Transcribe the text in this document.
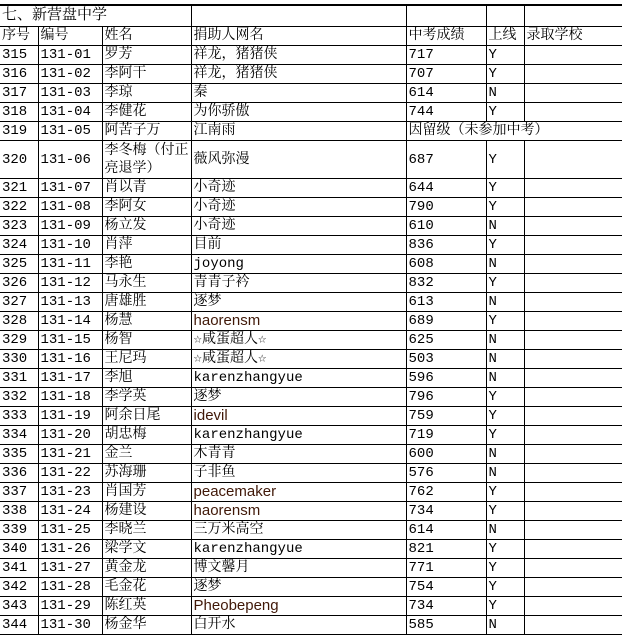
七、新营盘中学						
序号	编号	姓名	捐助人网名	中考成绩	上线	录取学校
315	131-01	罗芳	祥龙，猪猪侠	717	Y	
316	131-02	李阿干	祥龙，猪猪侠	707	Y	
317	131-03	李琼	秦	614	N	
318	131-04	李健花	为你骄傲	744	Y	
319	131-05	阿苦子万	江南雨	因留级（未参加中考）		
320	131-06	李冬梅（付正亮退学）	薇风弥漫	687	Y	
321	131-07	肖以青	小奇迹	644	Y	
322	131-08	李阿女	小奇迹	790	Y	
323	131-09	杨立发	小奇迹	610	N	
324	131-10	肖萍	目前	836	Y	
325	131-11	李艳	joyong	608	N	
326	131-12	马永生	青青子衿	832	Y	
327	131-13	唐雄胜	逐梦	613	N	
328	131-14	杨慧	haorensm	689	Y	
329	131-15	杨智	☆咸蛋超人☆	625	N	
330	131-16	王尼玛	☆咸蛋超人☆	503	N	
331	131-17	李旭	karenzhangyue	596	N	
332	131-18	李学英	逐梦	796	Y	
333	131-19	阿余日尾	idevil	759	Y	
334	131-20	胡忠梅	karenzhangyue	719	Y	
335	131-21	金兰	木青青	600	N	
336	131-22	苏海珊	子非鱼	576	N	
337	131-23	肖国芳	peacemaker	762	Y	
338	131-24	杨建设	haorensm	734	Y	
339	131-25	李晓兰	三万米高空	614	N	
340	131-26	梁学文	karenzhangyue	821	Y	
341	131-27	黄金龙	博文馨月	771	Y	
342	131-28	毛金花	逐梦	754	Y	
343	131-29	陈红英	Pheobepeng	734	Y	
344	131-30	杨金华	白开水	585	N	
